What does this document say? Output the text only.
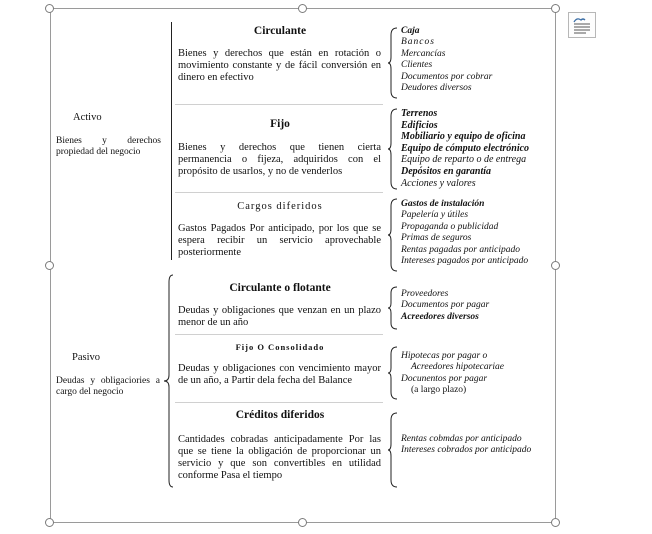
Activo
Bienes y derechos propiedad del negocio
Circulante
Bienes y derechos que están en rotación o movimiento constante y de fácil conversión en dinero en efectivo
Caja
Bancos
Mercancías
Clientes
Documentos por cobrar
Deudores diversos
Fijo
Bienes y derechos que tienen cierta permanencia o fijeza, adquiridos con el propósito de usarlos, y no de venderlos
Terrenos
Edificios
Mobiliario y equipo de oficina
Equipo de cómputo electrónico
Equipo de reparto o de entrega
Depósitos en garantía
Acciones y valores
Cargos diferidos
Gastos Pagados Por anticipado, por los que se espera recibir un servicio aprovechable posteriormente
Gastos de instalación
Papelería y útiles
Propaganda o publicidad
Primas de seguros
Rentas pagadas por anticipado
Intereses pagados por anticipado
Pasivo
Deudas y obligaciories a cargo del negocio
Circulante o flotante
Deudas y obligaciones que venzan en un plazo menor de un año
Proveedores
Documentos por pagar
Acreedores diversos
Fijo O Consolidado
Deudas y obligaciones con vencimiento mayor de un año, a Partir dela fecha del Balance
Hipotecas por pagar o
Acreedores hipotecariae
Docunentos por pagar
(a largo plazo)
Créditos diferidos
Cantidades cobradas anticipadamente Por las que se tiene la obligación de proporcionar un servicio y que son convertibles en utilidad conforme Pasa el tiempo
Rentas cobmdas por anticipado
Intereses cobrados por anticipado
